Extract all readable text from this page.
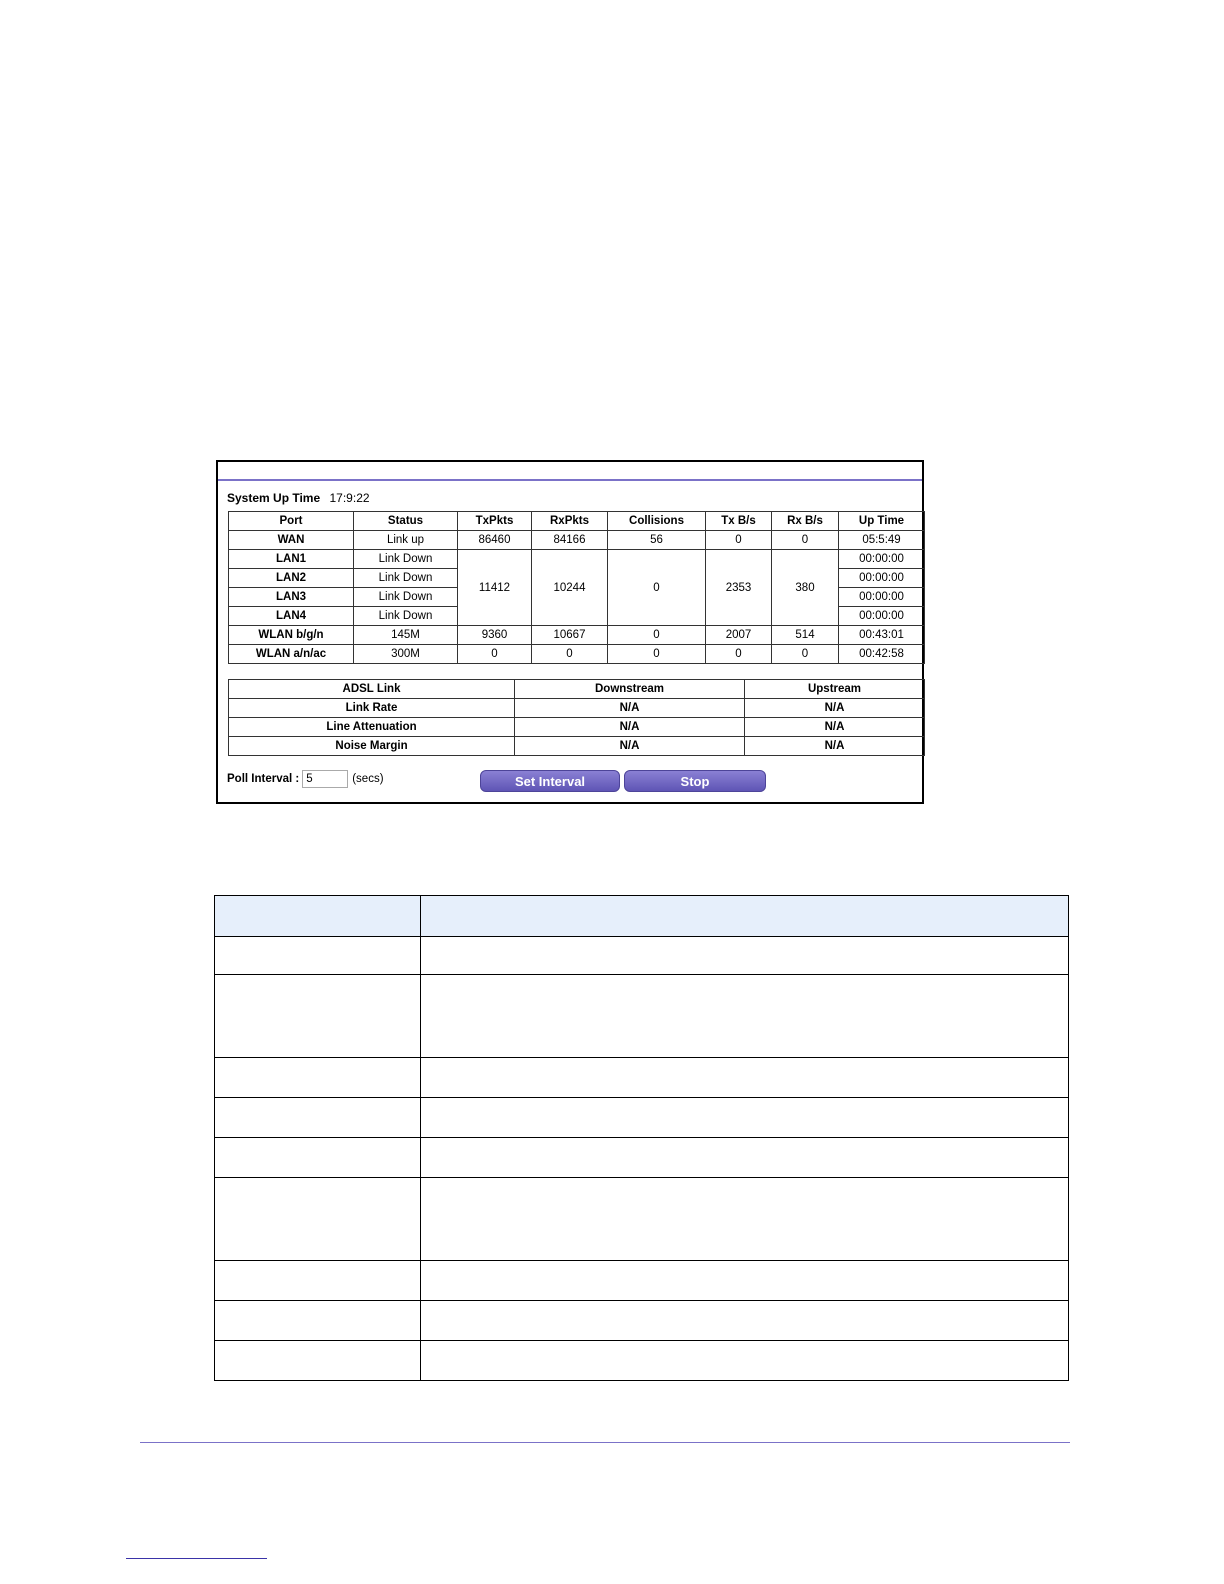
System Up Time 17:9:22
Port	Status	TxPkts	RxPkts	Collisions	Tx B/s	Rx B/s	Up Time
WAN	Link up	86460	84166	56	0	0	05:5:49
LAN1	Link Down	11412	10244	0	2353	380	00:00:00
LAN2	Link Down						00:00:00
LAN3	Link Down						00:00:00
LAN4	Link Down						00:00:00
WLAN b/g/n	145M	9360	10667	0	2007	514	00:43:01
WLAN a/n/ac	300M	0	0	0	0	0	00:42:58
ADSL Link	Downstream	Upstream
Link Rate	N/A	N/A
Line Attenuation	N/A	N/A
Noise Margin	N/A	N/A
Poll Interval :
5	(secs)	Set Interval	Stop
